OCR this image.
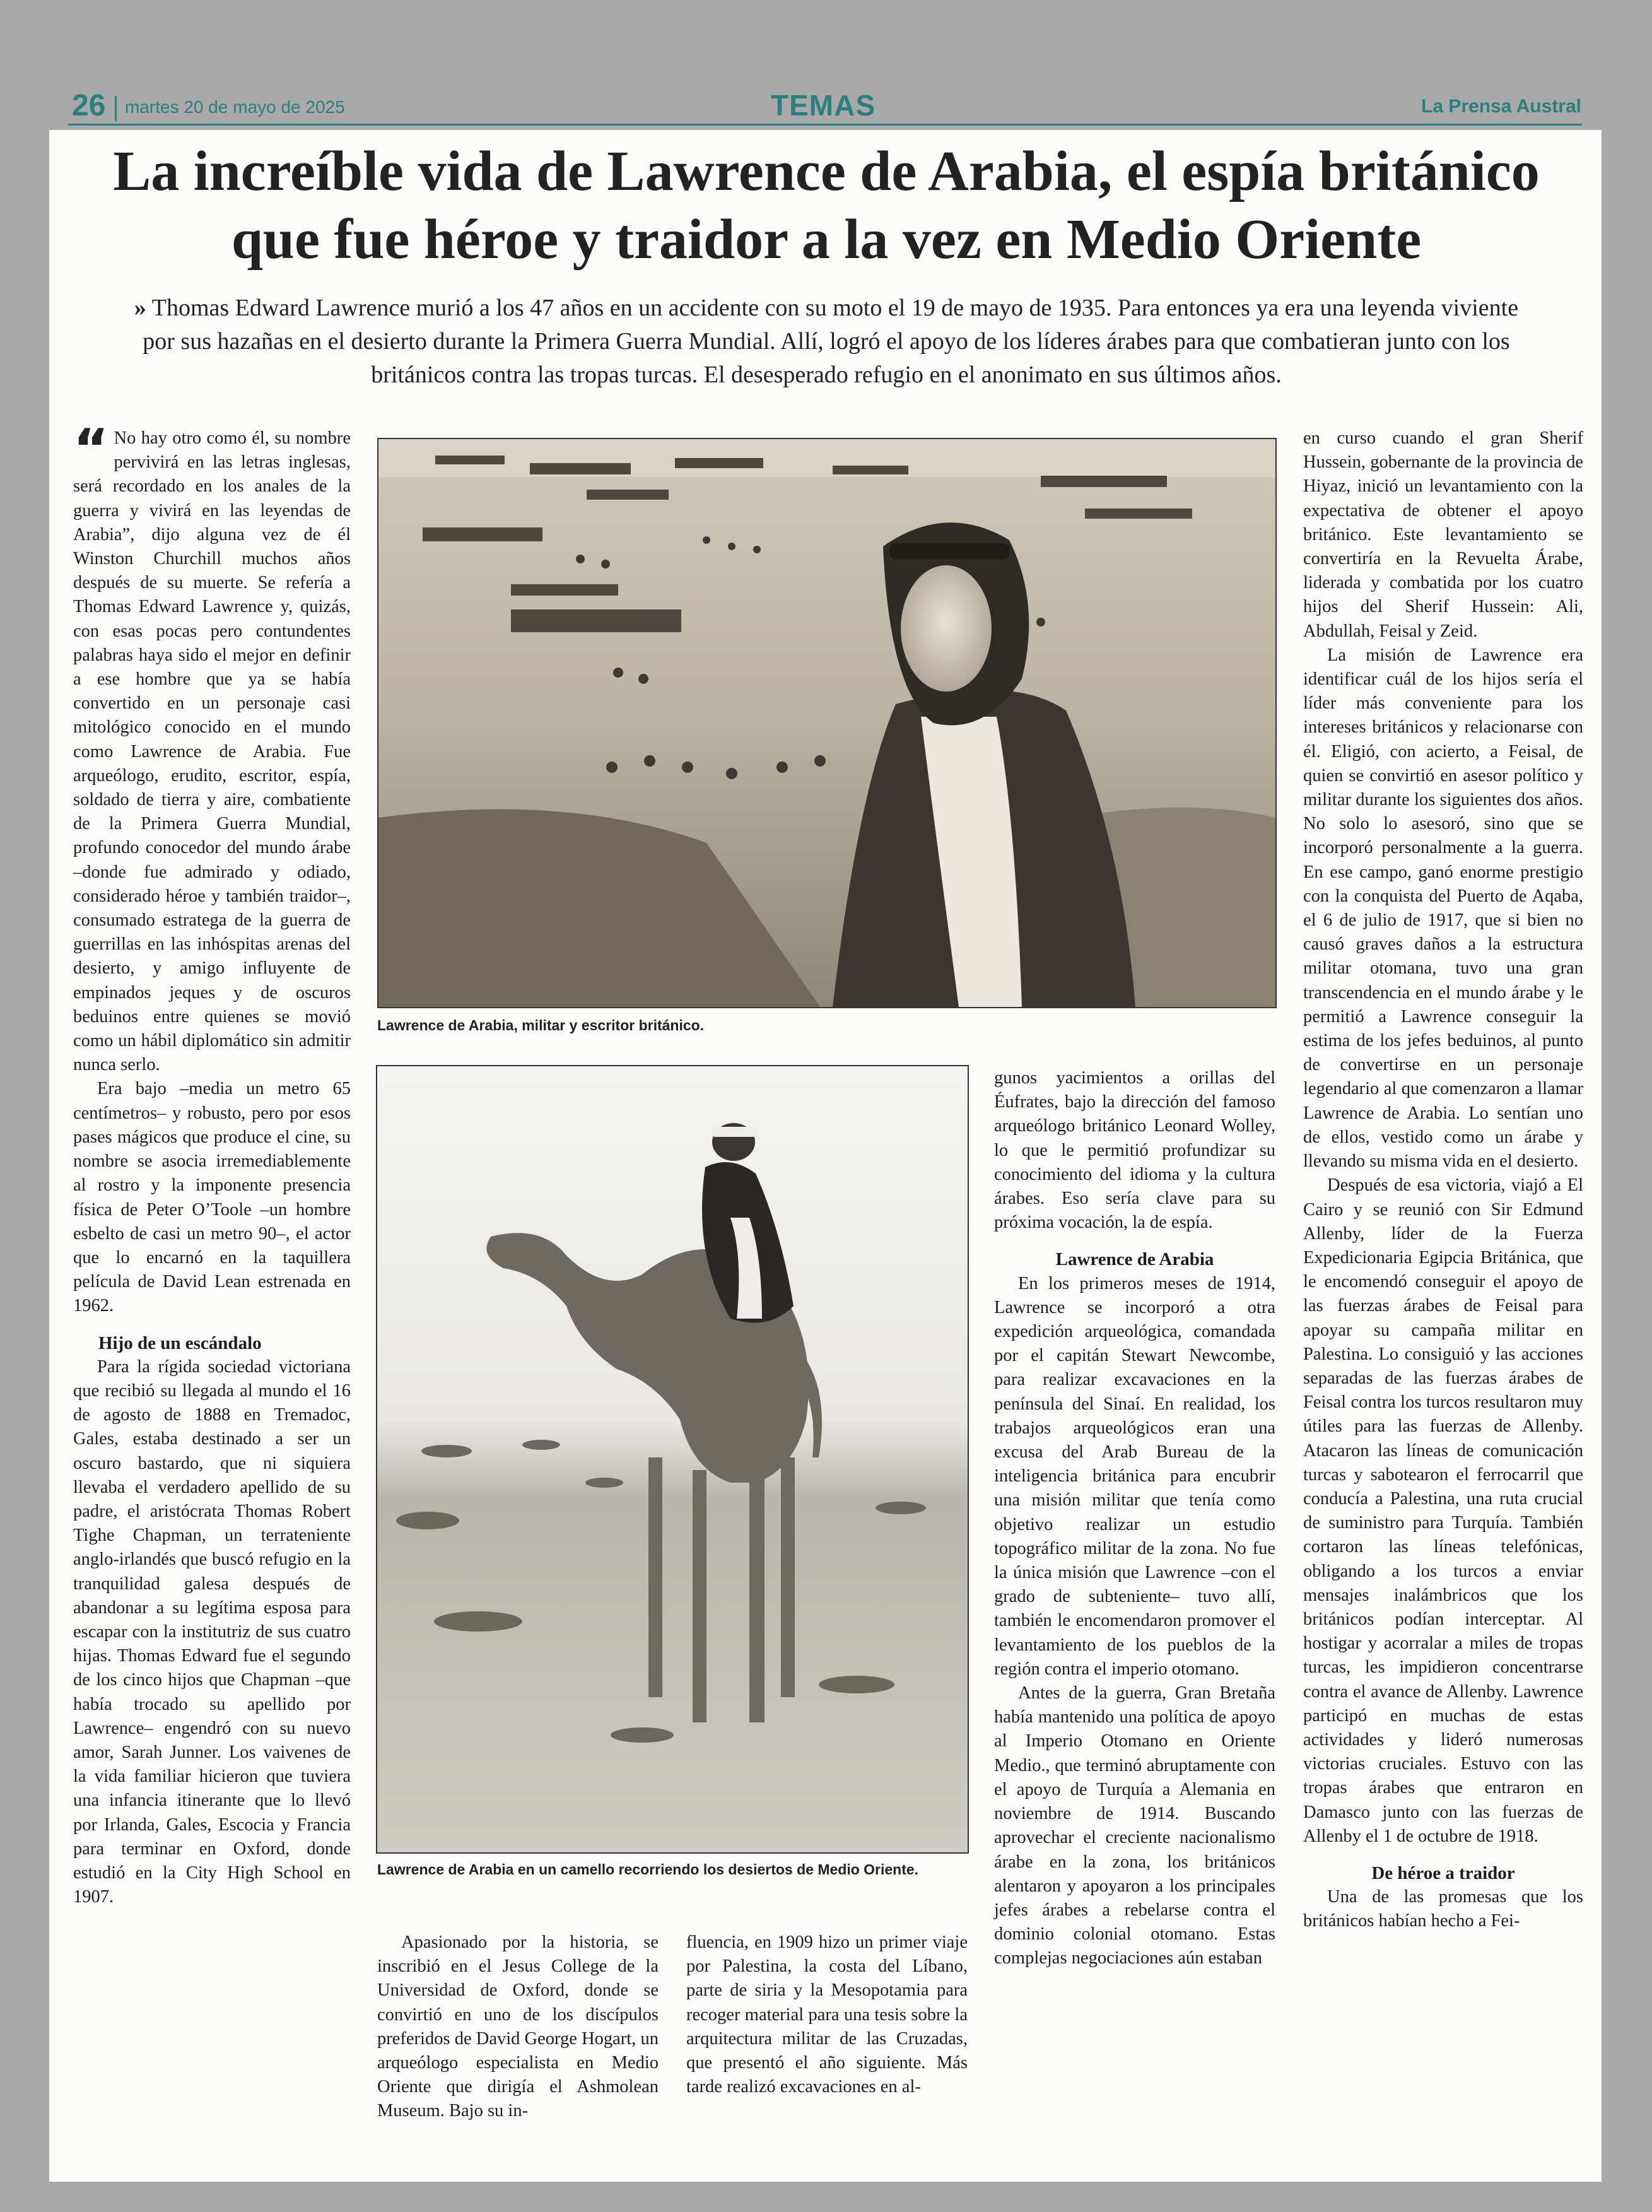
26 martes 20 de mayo de 2025	TEMAS	La Prensa Austral
La increíble vida de Lawrence de Arabia, el espía británico que fue héroe y traidor a la vez en Medio Oriente
» Thomas Edward Lawrence murió a los 47 años en un accidente con su moto el 19 de mayo de 1935. Para entonces ya era una leyenda viviente por sus hazañas en el desierto durante la Primera Guerra Mundial. Allí, logró el apoyo de los líderes árabes para que combatieran junto con los británicos contra las tropas turcas. El desesperado refugio en el anonimato en sus últimos años.

“ No hay otro como él, su nombre pervivirá en las letras inglesas, será recordado en los anales de la guerra y vivirá en las leyendas de Arabia”, dijo alguna vez de él Winston Churchill muchos años después de su muerte. Se refería a Thomas Edward Lawrence y, quizás, con esas pocas pero contundentes palabras haya sido el mejor en definir a ese hombre que ya se había convertido en un personaje casi mitológico conocido en el mundo como Lawrence de Arabia. Fue arqueólogo, erudito, escritor, espía, soldado de tierra y aire, combatiente de la Primera Guerra Mundial, profundo conocedor del mundo árabe –donde fue admirado y odiado, considerado héroe y también traidor–, consumado estratega de la guerra de guerrillas en las inhóspitas arenas del desierto, y amigo influyente de empinados jeques y de oscuros beduinos entre quienes se movió como un hábil diplomático sin admitir nunca serlo.

Era bajo –media un metro 65 centímetros– y robusto, pero por esos pases mágicos que produce el cine, su nombre se asocia irremediablemente al rostro y la imponente presencia física de Peter O’Toole –un hombre esbelto de casi un metro 90–, el actor que lo encarnó en la taquillera película de David Lean estrenada en 1962.

Hijo de un escándalo

Para la rígida sociedad victoriana que recibió su llegada al mundo el 16 de agosto de 1888 en Tremadoc, Gales, estaba destinado a ser un oscuro bastardo, que ni siquiera llevaba el verdadero apellido de su padre, el aristócrata Thomas Robert Tighe Chapman, un terrateniente anglo-irlandés que buscó refugio en la tranquilidad galesa después de abandonar a su legítima esposa para escapar con la institutriz de sus cuatro hijas. Thomas Edward fue el segundo de los cinco hijos que Chapman –que había trocado su apellido por Lawrence– engendró con su nuevo amor, Sarah Junner. Los vaivenes de la vida familiar hicieron que tuviera una infancia itinerante que lo llevó por Irlanda, Gales, Escocia y Francia para terminar en Oxford, donde estudió en la City High School en 1907.

Lawrence de Arabia, militar y escritor británico.
Lawrence de Arabia en un camello recorriendo los desiertos de Medio Oriente.

Apasionado por la historia, se inscribió en el Jesus College de la Universidad de Oxford, donde se convirtió en uno de los discípulos preferidos de David George Hogart, un arqueólogo especialista en Medio Oriente que dirigía el Ashmolean Museum. Bajo su in-

fluencia, en 1909 hizo un primer viaje por Palestina, la costa del Líbano, parte de siria y la Mesopotamia para recoger material para una tesis sobre la arquitectura militar de las Cruzadas, que presentó el año siguiente. Más tarde realizó excavaciones en al-

gunos yacimientos a orillas del Éufrates, bajo la dirección del famoso arqueólogo británico Leonard Wolley, lo que le permitió profundizar su conocimiento del idioma y la cultura árabes. Eso sería clave para su próxima vocación, la de espía.

Lawrence de Arabia

En los primeros meses de 1914, Lawrence se incorporó a otra expedición arqueológica, comandada por el capitán Stewart Newcombe, para realizar excavaciones en la península del Sinaí. En realidad, los trabajos arqueológicos eran una excusa del Arab Bureau de la inteligencia británica para encubrir una misión militar que tenía como objetivo realizar un estudio topográfico militar de la zona. No fue la única misión que Lawrence –con el grado de subteniente– tuvo allí, también le encomendaron promover el levantamiento de los pueblos de la región contra el imperio otomano.

Antes de la guerra, Gran Bretaña había mantenido una política de apoyo al Imperio Otomano en Oriente Medio., que terminó abruptamente con el apoyo de Turquía a Alemania en noviembre de 1914. Buscando aprovechar el creciente nacionalismo árabe en la zona, los británicos alentaron y apoyaron a los principales jefes árabes a rebelarse contra el dominio colonial otomano. Estas complejas negociaciones aún estaban

en curso cuando el gran Sherif Hussein, gobernante de la provincia de Hiyaz, inició un levantamiento con la expectativa de obtener el apoyo británico. Este levantamiento se convertiría en la Revuelta Árabe, liderada y combatida por los cuatro hijos del Sherif Hussein: Ali, Abdullah, Feisal y Zeid.

La misión de Lawrence era identificar cuál de los hijos sería el líder más conveniente para los intereses británicos y relacionarse con él. Eligió, con acierto, a Feisal, de quien se convirtió en asesor político y militar durante los siguientes dos años. No solo lo asesoró, sino que se incorporó personalmente a la guerra. En ese campo, ganó enorme prestigio con la conquista del Puerto de Aqaba, el 6 de julio de 1917, que si bien no causó graves daños a la estructura militar otomana, tuvo una gran transcendencia en el mundo árabe y le permitió a Lawrence conseguir la estima de los jefes beduinos, al punto de convertirse en un personaje legendario al que comenzaron a llamar Lawrence de Arabia. Lo sentían uno de ellos, vestido como un árabe y llevando su misma vida en el desierto.

Después de esa victoria, viajó a El Cairo y se reunió con Sir Edmund Allenby, líder de la Fuerza Expedicionaria Egipcia Británica, que le encomendó conseguir el apoyo de las fuerzas árabes de Feisal para apoyar su campaña militar en Palestina. Lo consiguió y las acciones separadas de las fuerzas árabes de Feisal contra los turcos resultaron muy útiles para las fuerzas de Allenby. Atacaron las líneas de comunicación turcas y sabotearon el ferrocarril que conducía a Palestina, una ruta crucial de suministro para Turquía. También cortaron las líneas telefónicas, obligando a los turcos a enviar mensajes inalámbricos que los británicos podían interceptar. Al hostigar y acorralar a miles de tropas turcas, les impidieron concentrarse contra el avance de Allenby. Lawrence participó en muchas de estas actividades y lideró numerosas victorias cruciales. Estuvo con las tropas árabes que entraron en Damasco junto con las fuerzas de Allenby el 1 de octubre de 1918.

De héroe a traidor

Una de las promesas que los británicos habían hecho a Fei-
